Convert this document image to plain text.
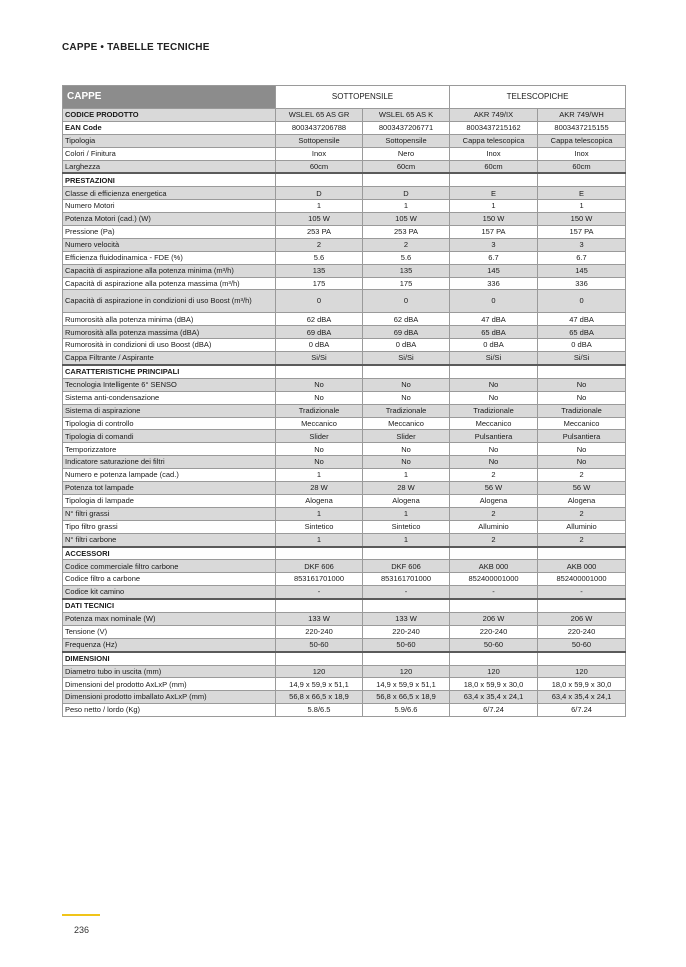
CAPPE • TABELLE TECNICHE
CAPPE	SOTTOPENSILE		TELESCOPICHE	
CODICE PRODOTTO	WSLEL 65 AS GR	WSLEL 65 AS K	AKR 749/IX	AKR 749/WH
EAN Code	8003437206788	8003437206771	8003437215162	8003437215155
Tipologia	Sottopensile	Sottopensile	Cappa telescopica	Cappa telescopica
Colori / Finitura	Inox	Nero	Inox	Inox
Larghezza	60cm	60cm	60cm	60cm
PRESTAZIONI				
Classe di efficienza energetica	D	D	E	E
Numero Motori	1	1	1	1
Potenza Motori (cad.) (W)	105 W	105 W	150 W	150 W
Pressione (Pa)	253 PA	253 PA	157 PA	157 PA
Numero velocità	2	2	3	3
Efficienza fluidodinamica - FDE (%)	5.6	5.6	6.7	6.7
Capacità di aspirazione alla potenza minima (m³/h)	135	135	145	145
Capacità di aspirazione alla potenza massima (m³/h)	175	175	336	336
Capacità di aspirazione in condizioni di uso Boost (m³/h)	0	0	0	0
Rumorosità alla potenza minima (dBA)	62 dBA	62 dBA	47 dBA	47 dBA
Rumorosità alla potenza massima (dBA)	69 dBA	69 dBA	65 dBA	65 dBA
Rumorosità in condizioni di uso Boost (dBA)	0 dBA	0 dBA	0 dBA	0 dBA
Cappa Filtrante / Aspirante	Si/Si	Si/Si	Si/Si	Si/Si
CARATTERISTICHE PRINCIPALI				
Tecnologia Intelligente 6° SENSO	No	No	No	No
Sistema anti-condensazione	No	No	No	No
Sistema di aspirazione	Tradizionale	Tradizionale	Tradizionale	Tradizionale
Tipologia di controllo	Meccanico	Meccanico	Meccanico	Meccanico
Tipologia di comandi	Slider	Slider	Pulsantiera	Pulsantiera
Temporizzatore	No	No	No	No
Indicatore saturazione dei filtri	No	No	No	No
Numero e potenza lampade (cad.)	1	1	2	2
Potenza tot lampade	28 W	28 W	56 W	56 W
Tipologia di lampade	Alogena	Alogena	Alogena	Alogena
N° filtri grassi	1	1	2	2
Tipo filtro grassi	Sintetico	Sintetico	Alluminio	Alluminio
N° filtri carbone	1	1	2	2
ACCESSORI				
Codice commerciale filtro carbone	DKF 606	DKF 606	AKB 000	AKB 000
Codice filtro a carbone	853161701000	853161701000	852400001000	852400001000
Codice kit camino	-	-	-	-
DATI TECNICI				
Potenza max nominale (W)	133 W	133 W	206 W	206 W
Tensione (V)	220-240	220-240	220-240	220-240
Frequenza (Hz)	50-60	50-60	50-60	50-60
DIMENSIONI				
Diametro tubo in uscita (mm)	120	120	120	120
Dimensioni del prodotto AxLxP (mm)	14,9 x 59,9 x 51,1	14,9 x 59,9 x 51,1	18,0 x 59,9 x 30,0	18,0 x 59,9 x 30,0
Dimensioni prodotto imballato AxLxP (mm)	56,8 x 66,5 x 18,9	56,8 x 66,5 x 18,9	63,4 x 35,4 x 24,1	63,4 x 35,4 x 24,1
Peso netto / lordo (Kg)	5.8/6.5	5.9/6.6	6/7.24	6/7.24
236
